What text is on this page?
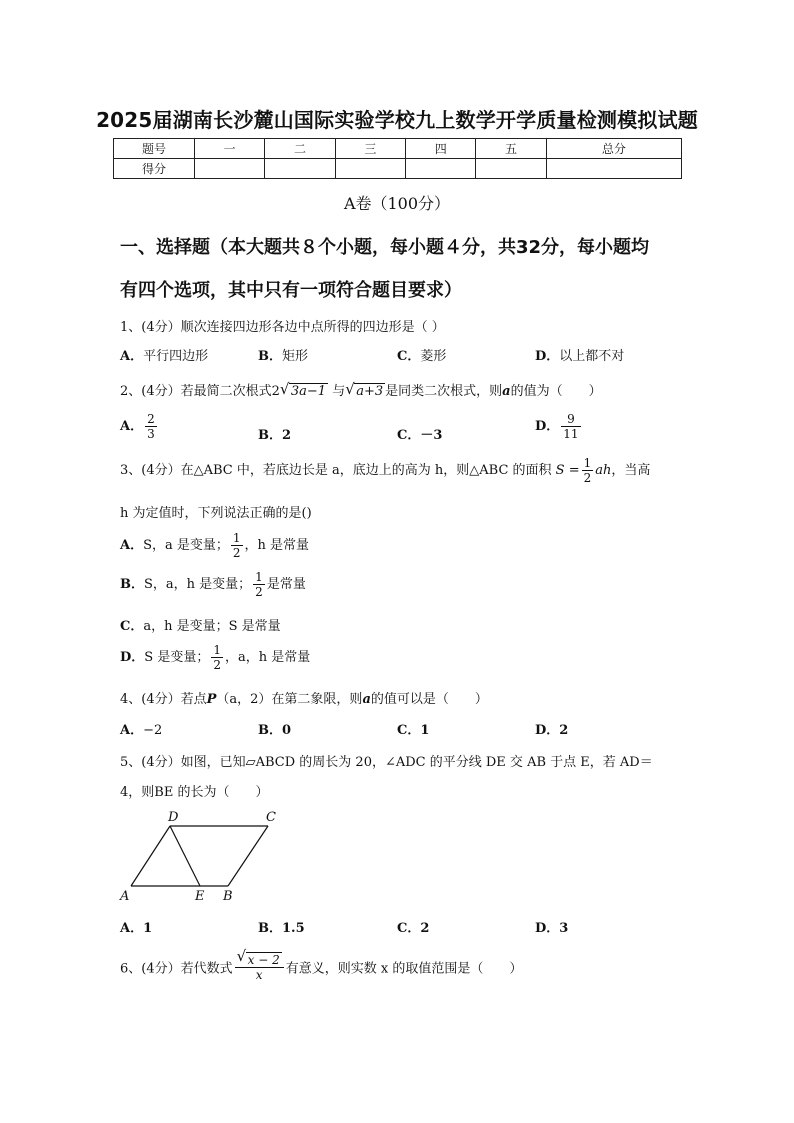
2025届湖南长沙麓山国际实验学校九上数学开学质量检测模拟试题
题号	一	二	三	四	五	总分
得分						
A卷（100分）
一、选择题（本大题共８个小题，每小题４分，共32分，每小题均
有四个选项，其中只有一项符合题目要求）
1、(4分）顺次连接四边形各边中点所得的四边形是（ ）
A．平行四边形	B．矩形	C．菱形	D．以上都不对
2、(4分）若最简二次根式2 √ 3a−1 与 √ a+3 是同类二次根式，则a的值为（　　）
A． $\frac{2}{3}$	B．2	C．－3
D． $\frac{9}{11}$
3、(4分）在△ABC 中，若底边长是 a，底边上的高为 h，则△ABC 的面积 $S = \frac{1}{2}$ ah，当高
h 为定值时，下列说法正确的是()
A．S，a 是变量； $\frac{1}{2}$ ，h 是常量
B．S，a，h 是变量； $\frac{1}{2}$ 是常量
C．a，h 是变量；S 是常量
D．S 是变量； $\frac{1}{2}$ ，a，h 是常量
4、(4分）若点P（a，2）在第二象限，则a的值可以是（　　）
A．−2	B．0	C．1	D．2
5、(4分）如图，已知▱ABCD 的周长为 20，∠ADC 的平分线 DE 交 AB 于点 E，若 AD＝
4，则BE 的长为（　　）
A
D	C
E B
A．1	B．1.5	C．2	D．3
6、(4分）若代数式 $\frac{√ x - 2}{x}$ 有意义，则实数 x 的取值范围是（　　）
